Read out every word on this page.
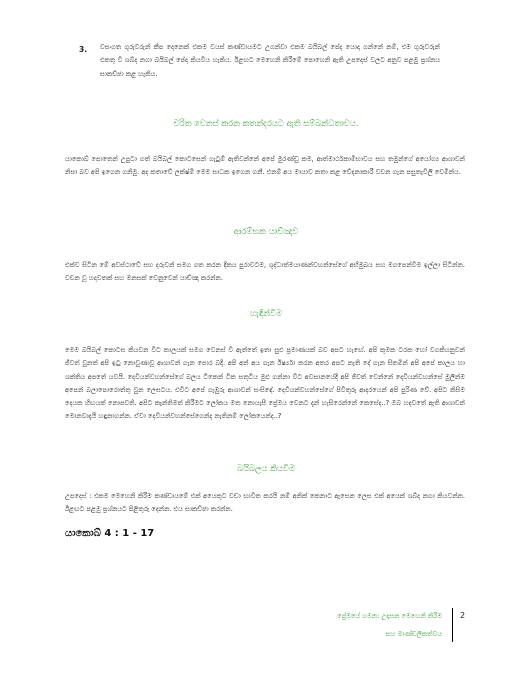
3. වසංගත ගුරුවරුන් කීප දෙනෙක් එකම වයස් කණ්ඩායමට උගන්වා එකම බයිබල් පේද යොදා ගන්නේ නම්, එම ගුරුවරුන් එකතු වී ශබ්ද නගා බයිබල් පේද කියවිය හැකිය. ඊළඟට මෙහෙනි කිරීමේ පොහෙනි ඇති උපදෙස් වලට අනුව පළමු ප්‍රශ්නය සාකච්ඡා කළ හැකිය.
චරිත වෙනස් කරන කතන්දරයට ඇති සම්බන්ධතාවය.
යාකොබ් පොතෙන් උපුටා ගත් බයිබල් කොටසෙන් ගැටුම් ඇතිවන්නේ අපේ මුරණ්ඩු කම, ආත්මාර්ථකාමීභාවය සහ තමුන්ගේ අයෝග්‍ය ආශාවන් නිසා බව අපි ඉගෙන ගනිමු. අද කතාවේ ලක්ෂ්මී මෙම සාධක ඉගෙන ගනී. එනම් අය මායාව කතා කළ වේදනාකාරී වචන ගැන පසුතැවිලි වෙමින්ය.
ආරම්භක යාච්ඤාව
එක්ව සිටින මේ අවස්ථාවේ සහ දරුවන් සමග ගත කරන දිනය පුරාවටම, ශුද්ධාත්මයාණන්වහන්සේගේ අභිමුඛය සහ මගපෙන්වීම ඉල්ලා සිටින්න. වචන වූ හදවතක් සහ මනසක් වෙනුවෙන් යාච්ඤා කරන්න.
හැඳින්වීම
මෙම බයිබල් කොටස කියවන විට කාලයක් සමග වෙනස් වී ඇත්තේ ඉතා සුළු ප්‍රමාණයක් බව අපට හැඟේ. අපි කුමක ටරක හෝ වගකියනුවන් ජීවත් වුනත් අපි ඉටු නොවුණාවූ ආශාවන් ගැන පොර බදී. අපි අන් අය ගැන ඊර්ෂ්‍යා කරන අතර අපට නැති දේ ගැන සිතමින් අපි අපේ කාලය හා ශක්තිය අපතේ යවයි. දෙවියන්වහන්සේගේ බලය ටිකෙන් ටික සතුටිය මුළු ගන්නා විට අවසානයේදී අපි ජීවත් වෙන්නේ දෙවියන්වහන්සේ මුලින්ම අපෙන් බලාපොරොත්තු වුන ලෙසටය. එවිට අපේ ගැඹුරු ආශාවන් සංසිඳේ. දෙවියන්වහන්සේගේ පිවිතුරු ආදරයෙන් අපි පුරිණ වේ. අපිට කිසිම දෙයක හිඟයක් නොපවති. අපිට කෑන්තිමත් කිරීමට ලෝකය මත නොයැසී ප්‍රේමය වෙනට දැන් හැසිරෙන්නේ කෙසේද..? ඔබ හදවතේ ඇති ආශාවන් මොනවාදැයි හඳුනාගන්න. ඒවා දෙවියන්වහන්සේගෙන්ද නැතිනම් ලෝකයෙන්ද..?
බයිබලය කියවීම
උපදෙස් : එකම මෙහෙනි කිරීම කණ්ඩායමේ එක් අයෙකුට වඩා භාවිත කරයි නම් අනික් කෙනාට ඇසෙන ලෙස එක් අයෙක් ශබ්ද නගා කියවන්න. ඊළඟට පළමු ප්‍රශ්නයට පිළිතුරු දෙන්න. එය සාකච්ඡා කරන්න.
යාකොබ් 4 : 1 - 17
ප්‍රේමයේ ගමන: උදෑසන මෙහෙනි කිරීම
සහ මාණ්ඩලිකත්වය
2
